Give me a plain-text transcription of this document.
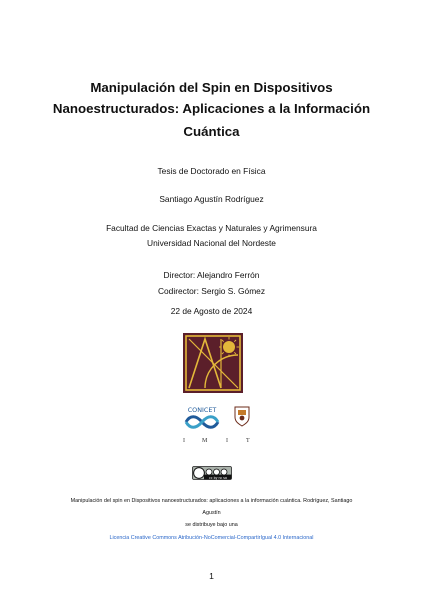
Manipulación del Spin en Dispositivos
Nanoestructurados: Aplicaciones a la Información
Cuántica
Tesis de Doctorado en Física
Santiago Agustín Rodríguez
Facultad de Ciencias Exactas y Naturales y Agrimensura
Universidad Nacional del Nordeste
Director: Alejandro Ferrón
Codirector: Sergio S. Gómez
22 de Agosto de 2024
CONICET
I	M	I	T
cc by nc sa
Manipulación del spin en Dispositivos nanoestructurados: aplicaciones a la información cuántica. Rodríguez, Santiago
Agustín
se distribuye bajo una
Licencia Creative Commons Atribución-NoComercial-CompartirIgual 4.0 Internacional
1
